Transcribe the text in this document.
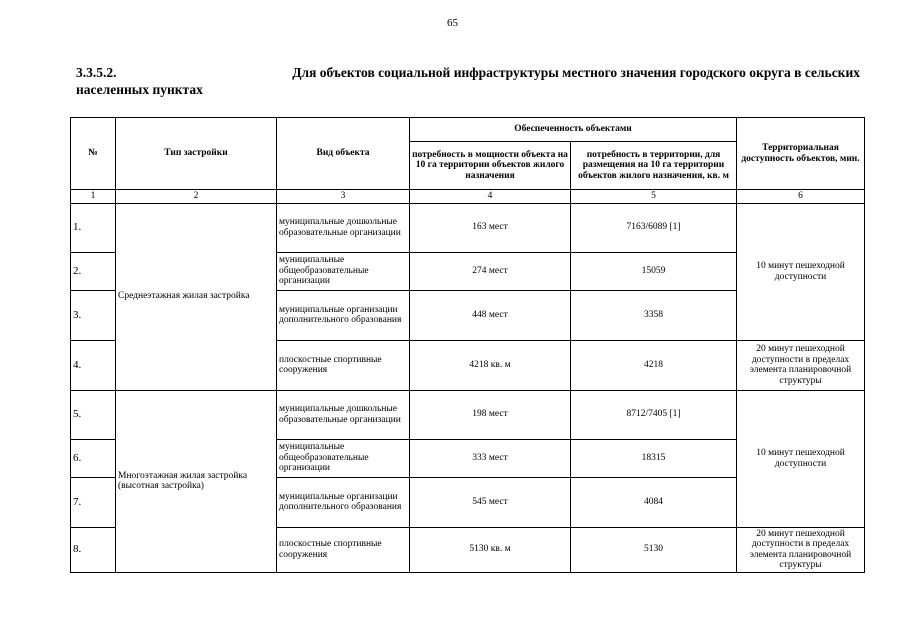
65
3.3.5.2.	Для объектов социальной инфраструктуры местного значения городского округа в сельских
населенных пунктах
№	Тип застройки	Вид объекта	Обеспеченность объектами		Территориальная доступность объектов, мин.
			потребность в мощности объекта на 10 га территории объектов жилого назначения	потребность в территории, для размещения на 10 га территории объектов жилого назначения, кв. м	
1	2	3	4	5	6
1.	Среднеэтажная жилая застройка	муниципальные дошкольные образовательные организации	163 мест	7163/6089 [1]	10 минут пешеходной доступности
2.		муниципальные общеобразовательные организации	274 мест	15059	
3.		муниципальные организации дополнительного образования	448 мест	3358	
4.		плоскостные спортивные сооружения	4218 кв. м	4218	20 минут пешеходной доступности в пределах элемента планировочной структуры
5.	Многоэтажная жилая застройка (высотная застройка)	муниципальные дошкольные образовательные организации	198 мест	8712/7405 [1]	10 минут пешеходной доступности
6.		муниципальные общеобразовательные организации	333 мест	18315	
7.		муниципальные организации дополнительного образования	545 мест	4084	
8.		плоскостные спортивные сооружения	5130 кв. м	5130	20 минут пешеходной доступности в пределах элемента планировочной структуры
